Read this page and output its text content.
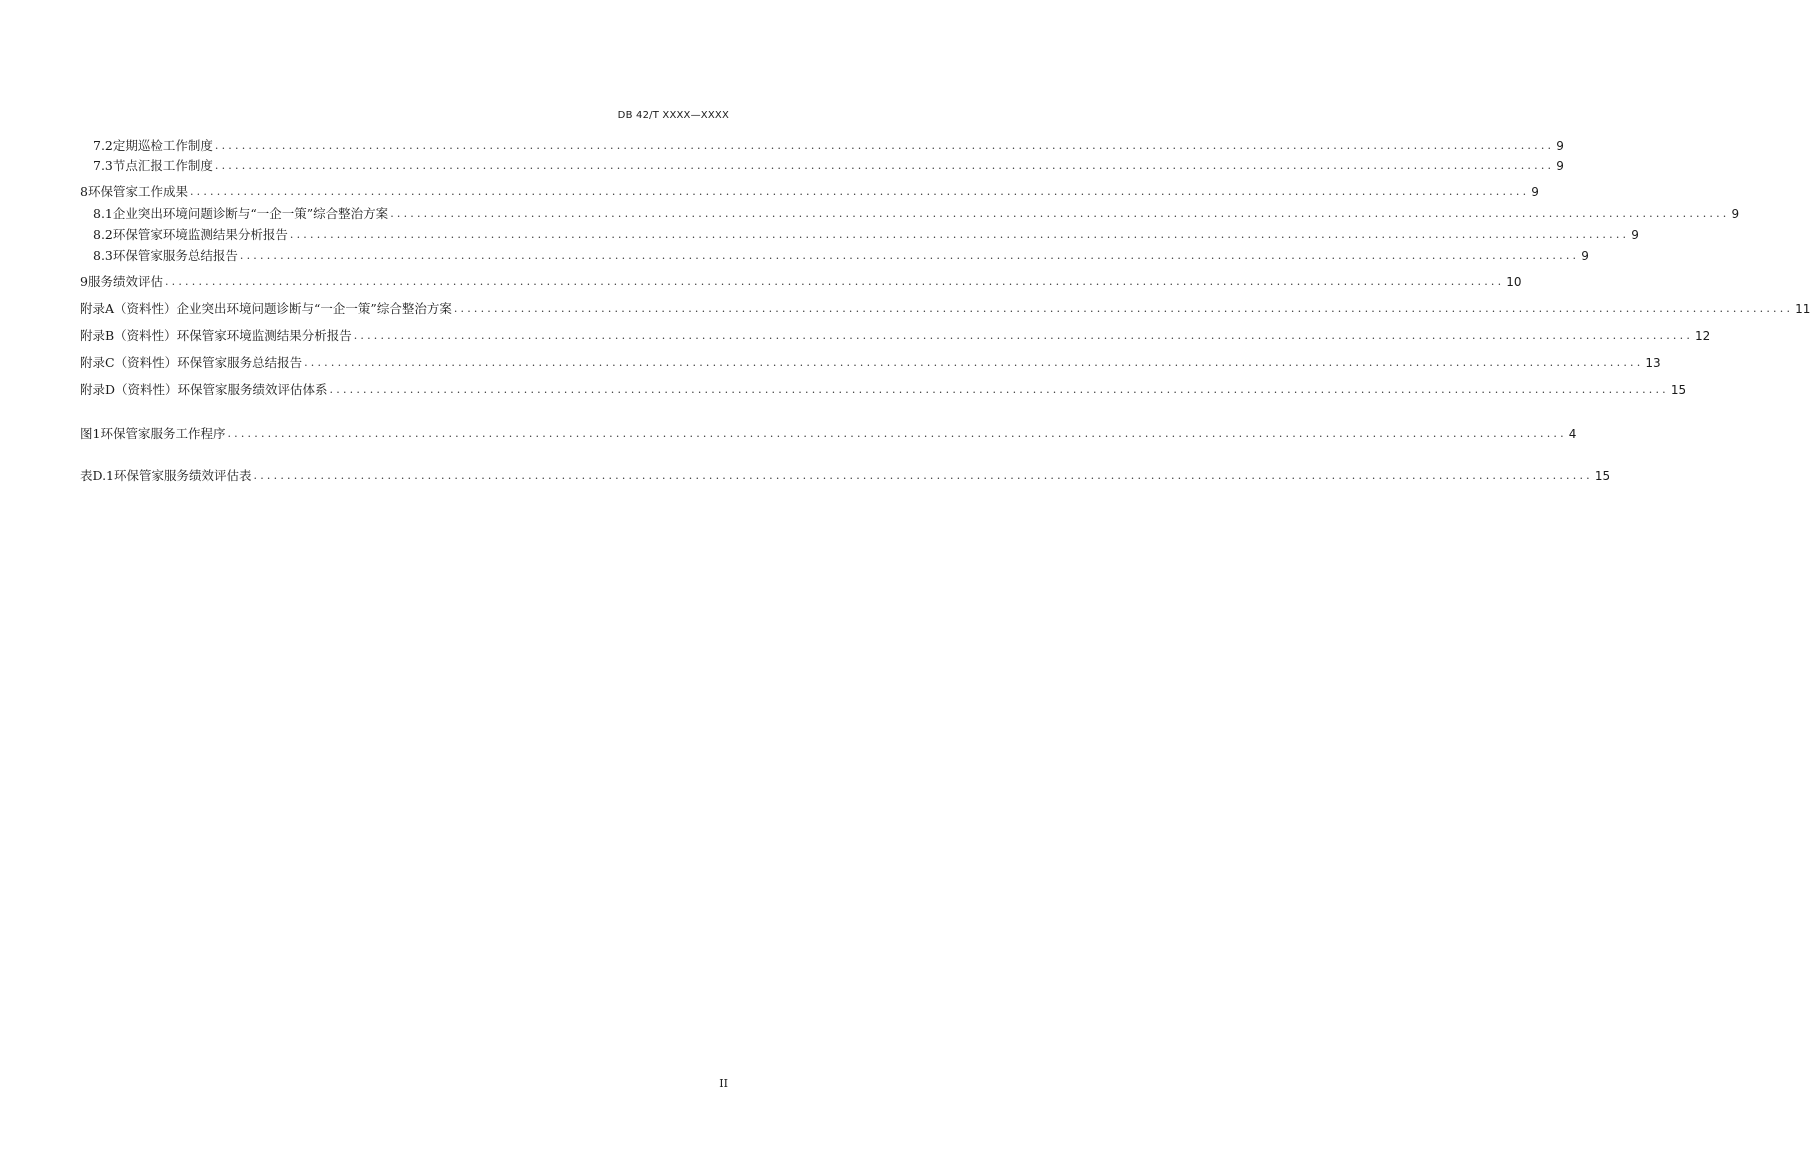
DB 42/T XXXX—XXXX
7.2 定期巡检工作制度 ........................................................................................................................................................................................................ 9
7.3 节点汇报工作制度 ........................................................................................................................................................................................................ 9
8 环保管家工作成果 ........................................................................................................................................................................................................ 9
8.1 企业突出环境问题诊断与“一企一策”综合整治方案 ........................................................................................................................................................................................................ 9
8.2 环保管家环境监测结果分析报告 ........................................................................................................................................................................................................ 9
8.3 环保管家服务总结报告 ........................................................................................................................................................................................................ 9
9 服务绩效评估 ........................................................................................................................................................................................................ 10
附录A（资料性） 企业突出环境问题诊断与“一企一策”综合整治方案 ........................................................................................................................................................................................................ 11
附录B（资料性） 环保管家环境监测结果分析报告 ........................................................................................................................................................................................................ 12
附录C（资料性） 环保管家服务总结报告 ........................................................................................................................................................................................................ 13
附录D（资料性） 环保管家服务绩效评估体系 ........................................................................................................................................................................................................ 15
图1 环保管家服务工作程序 ........................................................................................................................................................................................................ 4
表D.1 环保管家服务绩效评估表 ........................................................................................................................................................................................................ 15
II
